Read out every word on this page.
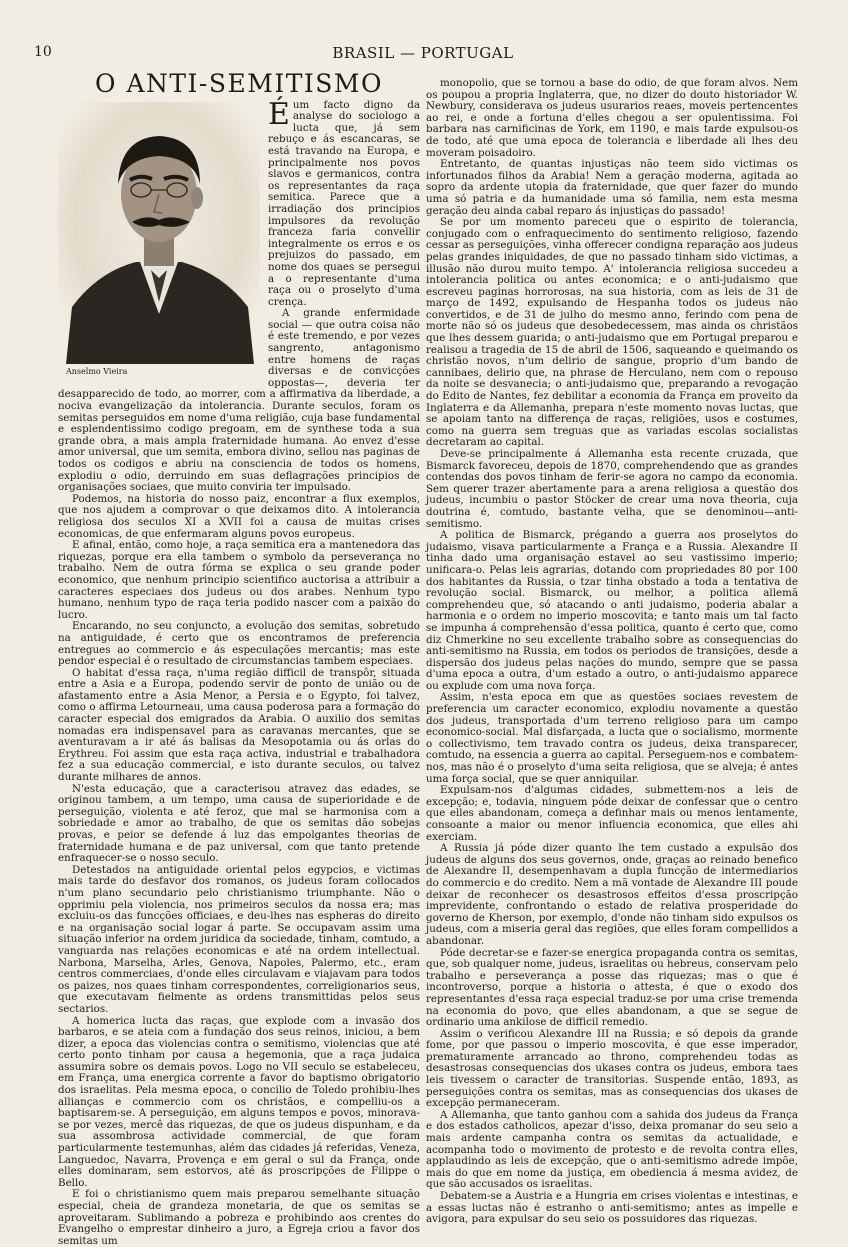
10	BRASIL — PORTUGAL
O ANTI-SEMITISMO
Anselmo Vieira

Éum facto digno da analyse do sociologo a lucta que, já sem rebuço e ás escancaras, se está travando na Europa, e principalmente nos povos slavos e germanicos, contra os representantes da raça semitica. Parece que a irradiação dos principios impulsores da revolução franceza faria convellir integralmente os erros e os prejuizos do passado, em nome dos quaes se persegui a o representante d'uma raça ou o proselyto d'uma crença.

A grande enfermidade social — que outra coisa não é este tremendo, e por vezes sangrento, antagonismo entre homens de raças diversas e de convicções oppostas—, deveria ter desapparecido de todo, ao morrer, com a affirmativa da liberdade, a nociva evangelização da intolerancia. Durante seculos, foram os semitas perseguidos em nome d'uma religião, cuja base fundamental e esplendentissimo codigo pregoam, em de synthese toda a sua grande obra, a mais ampla fraternidade humana. Ao envez d'esse amor universal, que um semita, embora divino, sellou nas paginas de todos os codigos e abriu na consciencia de todos os homens, explodiu o odio, derruindo em suas deflagrações principios de organisações sociaes, que muito conviria ter impulsado.

Podemos, na historia do nosso paiz, encontrar a flux exemplos, que nos ajudem a comprovar o que deixamos dito. A intolerancia religiosa dos seculos XI a XVII foi a causa de muitas crises economicas, de que enfermaram alguns povos europeus.

E afinal, então, como hoje, a raça semitica era a mantenedora das riquezas, porque era ella tambem o symbolo da perseverança no trabalho. Nem de outra fórma se explica o seu grande poder economico, que nenhum principio scientifico auctorisa a attribuir a caracteres especiaes dos judeus ou dos arabes. Nenhum typo humano, nenhum typo de raça teria podido nascer com a paixão do lucro.

Encarando, no seu conjuncto, a evolução dos semitas, sobretudo na antiguidade, é certo que os encontramos de preferencia entregues ao commercio e ás especulações mercantis; mas este pendor especial é o resultado de circumstancias tambem especiaes.

O habitat d'essa raça, n'uma região difficil de transpôr, situada entre a Asia e a Europa, podendo servir de ponto de união ou de afastamento entre a Asia Menor, a Persia e o Egypto, foi talvez, como o affirma Letourneau, uma causa poderosa para a formação do caracter especial dos emigrados da Arabia. O auxilio dos semitas nomadas era indispensavel para as caravanas mercantes, que se aventuravam a ir até ás balisas da Mesopotamia ou ás orlas do Erythreu. Foi assim que esta raça activa, industrial e trabalhadora fez a sua educação commercial, e isto durante seculos, ou talvez durante milhares de annos.

N'esta educação, que a caracterisou atravez das edades, se originou tambem, a um tempo, uma causa de superioridade e de perseguição, violenta e até feroz, que mal se harmonisa com a sobriedade e amor ao trabalho, de que os semitas dão sobejas provas, e peior se defende á luz das empolgantes theorias de fraternidade humana e de paz universal, com que tanto pretende enfraquecer-se o nosso seculo.

Detestados na antiguidade oriental pelos egypcios, e victimas mais tarde do desfavor dos romanos, os judeus foram collocados n'um plano secundario pelo christianismo triumphante. Não o opprimiu pela violencia, nos primeiros seculos da nossa era; mas excluiu-os das funcções officiaes, e deu-lhes nas espheras do direito e na organisação social logar á parte. Se occupavam assim uma situação inferior na ordem juridica da sociedade, tinham, comtudo, a vanguarda nas relações economicas e até na ordem intellectual. Narbona, Marselha, Arles, Genova, Napoles, Palermo, etc., eram centros commerciaes, d'onde elles circulavam e viajavam para todos os paizes, nos quaes tinham correspondentes, correligionarios seus, que executavam fielmente as ordens transmittidas pelos seus sectarios.

A homerica lucta das raças, que explode com a invasão dos barbaros, e se ateia com a fundação dos seus reinos, iniciou, a bem dizer, a epoca das violencias contra o semitismo, violencias que até certo ponto tinham por causa a hegemonia, que a raça judaica assumira sobre os demais povos. Logo no VII seculo se estabeleceu, em França, uma energica corrente a favor do baptismo obrigatorio dos israelitas. Pela mesma epoca, o concilio de Toledo prohibiu-lhes allianças e commercio com os christãos, e compelliu-os a baptisarem-se. A perseguição, em alguns tempos e povos, minorava-se por vezes, mercê das riquezas, de que os judeus dispunham, e da sua assombrosa actividade commercial, de que foram particularmente testemunhas, além das cidades já referidas, Veneza, Languedoc, Navarra, Provença e em geral o sul da França, onde elles dominaram, sem estorvos, até ás proscripções de Filippe o Bello.

E foi o christianismo quem mais preparou semelhante situação especial, cheia de grandeza monetaria, de que os semitas se aproveitaram. Sublimando a pobreza e prohibindo aos crentes do Evangelho o emprestar dinheiro a juro, a Egreja criou a favor dos semitas um

monopolio, que se tornou a base do odio, de que foram alvos. Nem os poupou a propria Inglaterra, que, no dizer do douto historiador W. Newbury, considerava os judeus usurarios reaes, moveis pertencentes ao rei, e onde a fortuna d'elles chegou a ser opulentissima. Foi barbara nas carnificinas de York, em 1190, e mais tarde expulsou-os de todo, até que uma epoca de tolerancia e liberdade ali lhes deu moveram poisadoiro.

Entretanto, de quantas injustiças não teem sido victimas os infortunados filhos da Arabia! Nem a geração moderna, agitada ao sopro da ardente utopia da fraternidade, que quer fazer do mundo uma só patria e da humanidade uma só familia, nem esta mesma geração deu ainda cabal reparo ás injustiças do passado!

Se por um momento pareceu que o espirito de tolerancia, conjugado com o enfraquecimento do sentimento religioso, fazendo cessar as perseguições, vinha offerecer condigna reparação aos judeus pelas grandes iniquidades, de que no passado tinham sido victimas, a illusão não durou muito tempo. A' intolerancia religiosa succedeu a intolerancia politica ou antes economica; e o anti-judaismo que escreveu paginas horrorosas, na sua historia, com as leis de 31 de março de 1492, expulsando de Hespanha todos os judeus não convertidos, e de 31 de julho do mesmo anno, ferindo com pena de morte não só os judeus que desobedecessem, mas ainda os christãos que lhes dessem guarida; o anti-judaismo que em Portugal preparou e realisou a tragedia de 15 de abril de 1506, saqueando e queimando os christão novos, n'um delirio de sangue, proprio d'um bando de cannibaes, delirio que, na phrase de Herculano, nem com o repouso da noite se desvanecia; o anti-judaismo que, preparando a revogação do Edito de Nantes, fez debilitar a economia da França em proveito da Inglaterra e da Allemanha, prepara n'este momento novas luctas, que se apoiam tanto na differença de raças, religiões, usos e costumes, como na guerra sem treguas que as variadas escolas socialistas decretaram ao capital.

Deve-se principalmente á Allemanha esta recente cruzada, que Bismarck favoreceu, depois de 1870, comprehendendo que as grandes contendas dos povos tinham de ferir-se agora no campo da economia. Sem querer trazer abertamente para a arena religiosa a questão dos judeus, incumbiu o pastor Stöcker de crear uma nova theoria, cuja doutrina é, comtudo, bastante velha, que se denominou—anti-semitismo.

A politica de Bismarck, prégando a guerra aos proselytos do judaismo, visava particularmente a França e a Russia. Alexandre II tinha dado uma organisação estavel ao seu vastissimo imperio; unificara-o. Pelas leis agrarias, dotando com propriedades 80 por 100 dos habitantes da Russia, o tzar tinha obstado a toda a tentativa de revolução social. Bismarck, ou melhor, a politica allemã comprehendeu que, só atacando o anti judaismo, poderia abalar a harmonia e o ordem no imperio moscovita; e tanto mais um tal facto se impunha á comprehensão d'essa politica, quanto é certo que, como diz Chmerkine no seu excellente trabalho sobre as consequencias do anti-semitismo na Russia, em todos os periodos de transições, desde a dispersão dos judeus pelas nações do mundo, sempre que se passa d'uma epoca a outra, d'um estado a outro, o anti-judaismo apparece ou explude com uma nova força.

Assim, n'esta epoca em que as questões sociaes revestem de preferencia um caracter economico, explodiu novamente a questão dos judeus, transportada d'um terreno religioso para um campo economico-social. Mal disfarçada, a lucta que o socialismo, mormente o collectivismo, tem travado contra os judeus, deixa transparecer, comtudo, na essencia a guerra ao capital. Perseguem-nos e combatem-nos, mas não é o proselyto d'uma seita religiosa, que se alveja; é antes uma força social, que se quer anniquilar.

Expulsam-nos d'algumas cidades, submettem-nos a leis de excepção; e, todavia, ninguem póde deixar de confessar que o centro que elles abandonam, começa a definhar mais ou menos lentamente, consoante a maior ou menor influencia economica, que elles ahi exerciam.

A Russia já póde dizer quanto lhe tem custado a expulsão dos judeus de alguns dos seus governos, onde, graças ao reinado benefico de Alexandre II, desempenhavam a dupla funcção de intermediarios do commercio e do credito. Nem a mã vontade de Alexandre III poude deixar de reconhecer os desastrosos effeitos d'essa proscripção imprevidente, confrontando o estado de relativa prosperidade do governo de Kherson, por exemplo, d'onde não tinham sido expulsos os judeus, com a miseria geral das regiões, que elles foram compellidos a abandonar.

Póde decretar-se e fazer-se energica propaganda contra os semitas, que, sob qualquer nome, judeus, israelitas ou hebreus, conservam pelo trabalho e perseverança a posse das riquezas; mas o que é incontroverso, porque a historia o attesta, é que o exodo dos representantes d'essa raça especial traduz-se por uma crise tremenda na economia do povo, que elles abandonam, a que se segue de ordinario uma ankilose de difficil remedio.

Assim o verificou Alexandre III na Russia; e só depois da grande fome, por que passou o imperio moscovita, é que esse imperador, prematuramente arrancado ao throno, comprehendeu todas as desastrosas consequencias dos ukases contra os judeus, embora taes leis tivessem o caracter de transitorias. Suspende então, 1893, as perseguições contra os semitas, mas as consequencias dos ukases de excepção permaneceram.

A Allemanha, que tanto ganhou com a sahida dos judeus da França e dos estados catholicos, apezar d'isso, deixa promanar do seu seio a mais ardente campanha contra os semitas da actualidade, e acompanha todo o movimento de protesto e de revolta contra elles, applaudindo as leis de excepção, que o anti-semitismo adrede impõe, mais do que em nome da justiça, em obediencia á mesma avidez, de que são accusados os israelitas.

Debatem-se a Austria e a Hungria em crises violentas e intestinas, e a essas luctas não é estranho o anti-semitismo; antes as impelle e avigora, para expulsar do seu seio os possuidores das riquezas.
